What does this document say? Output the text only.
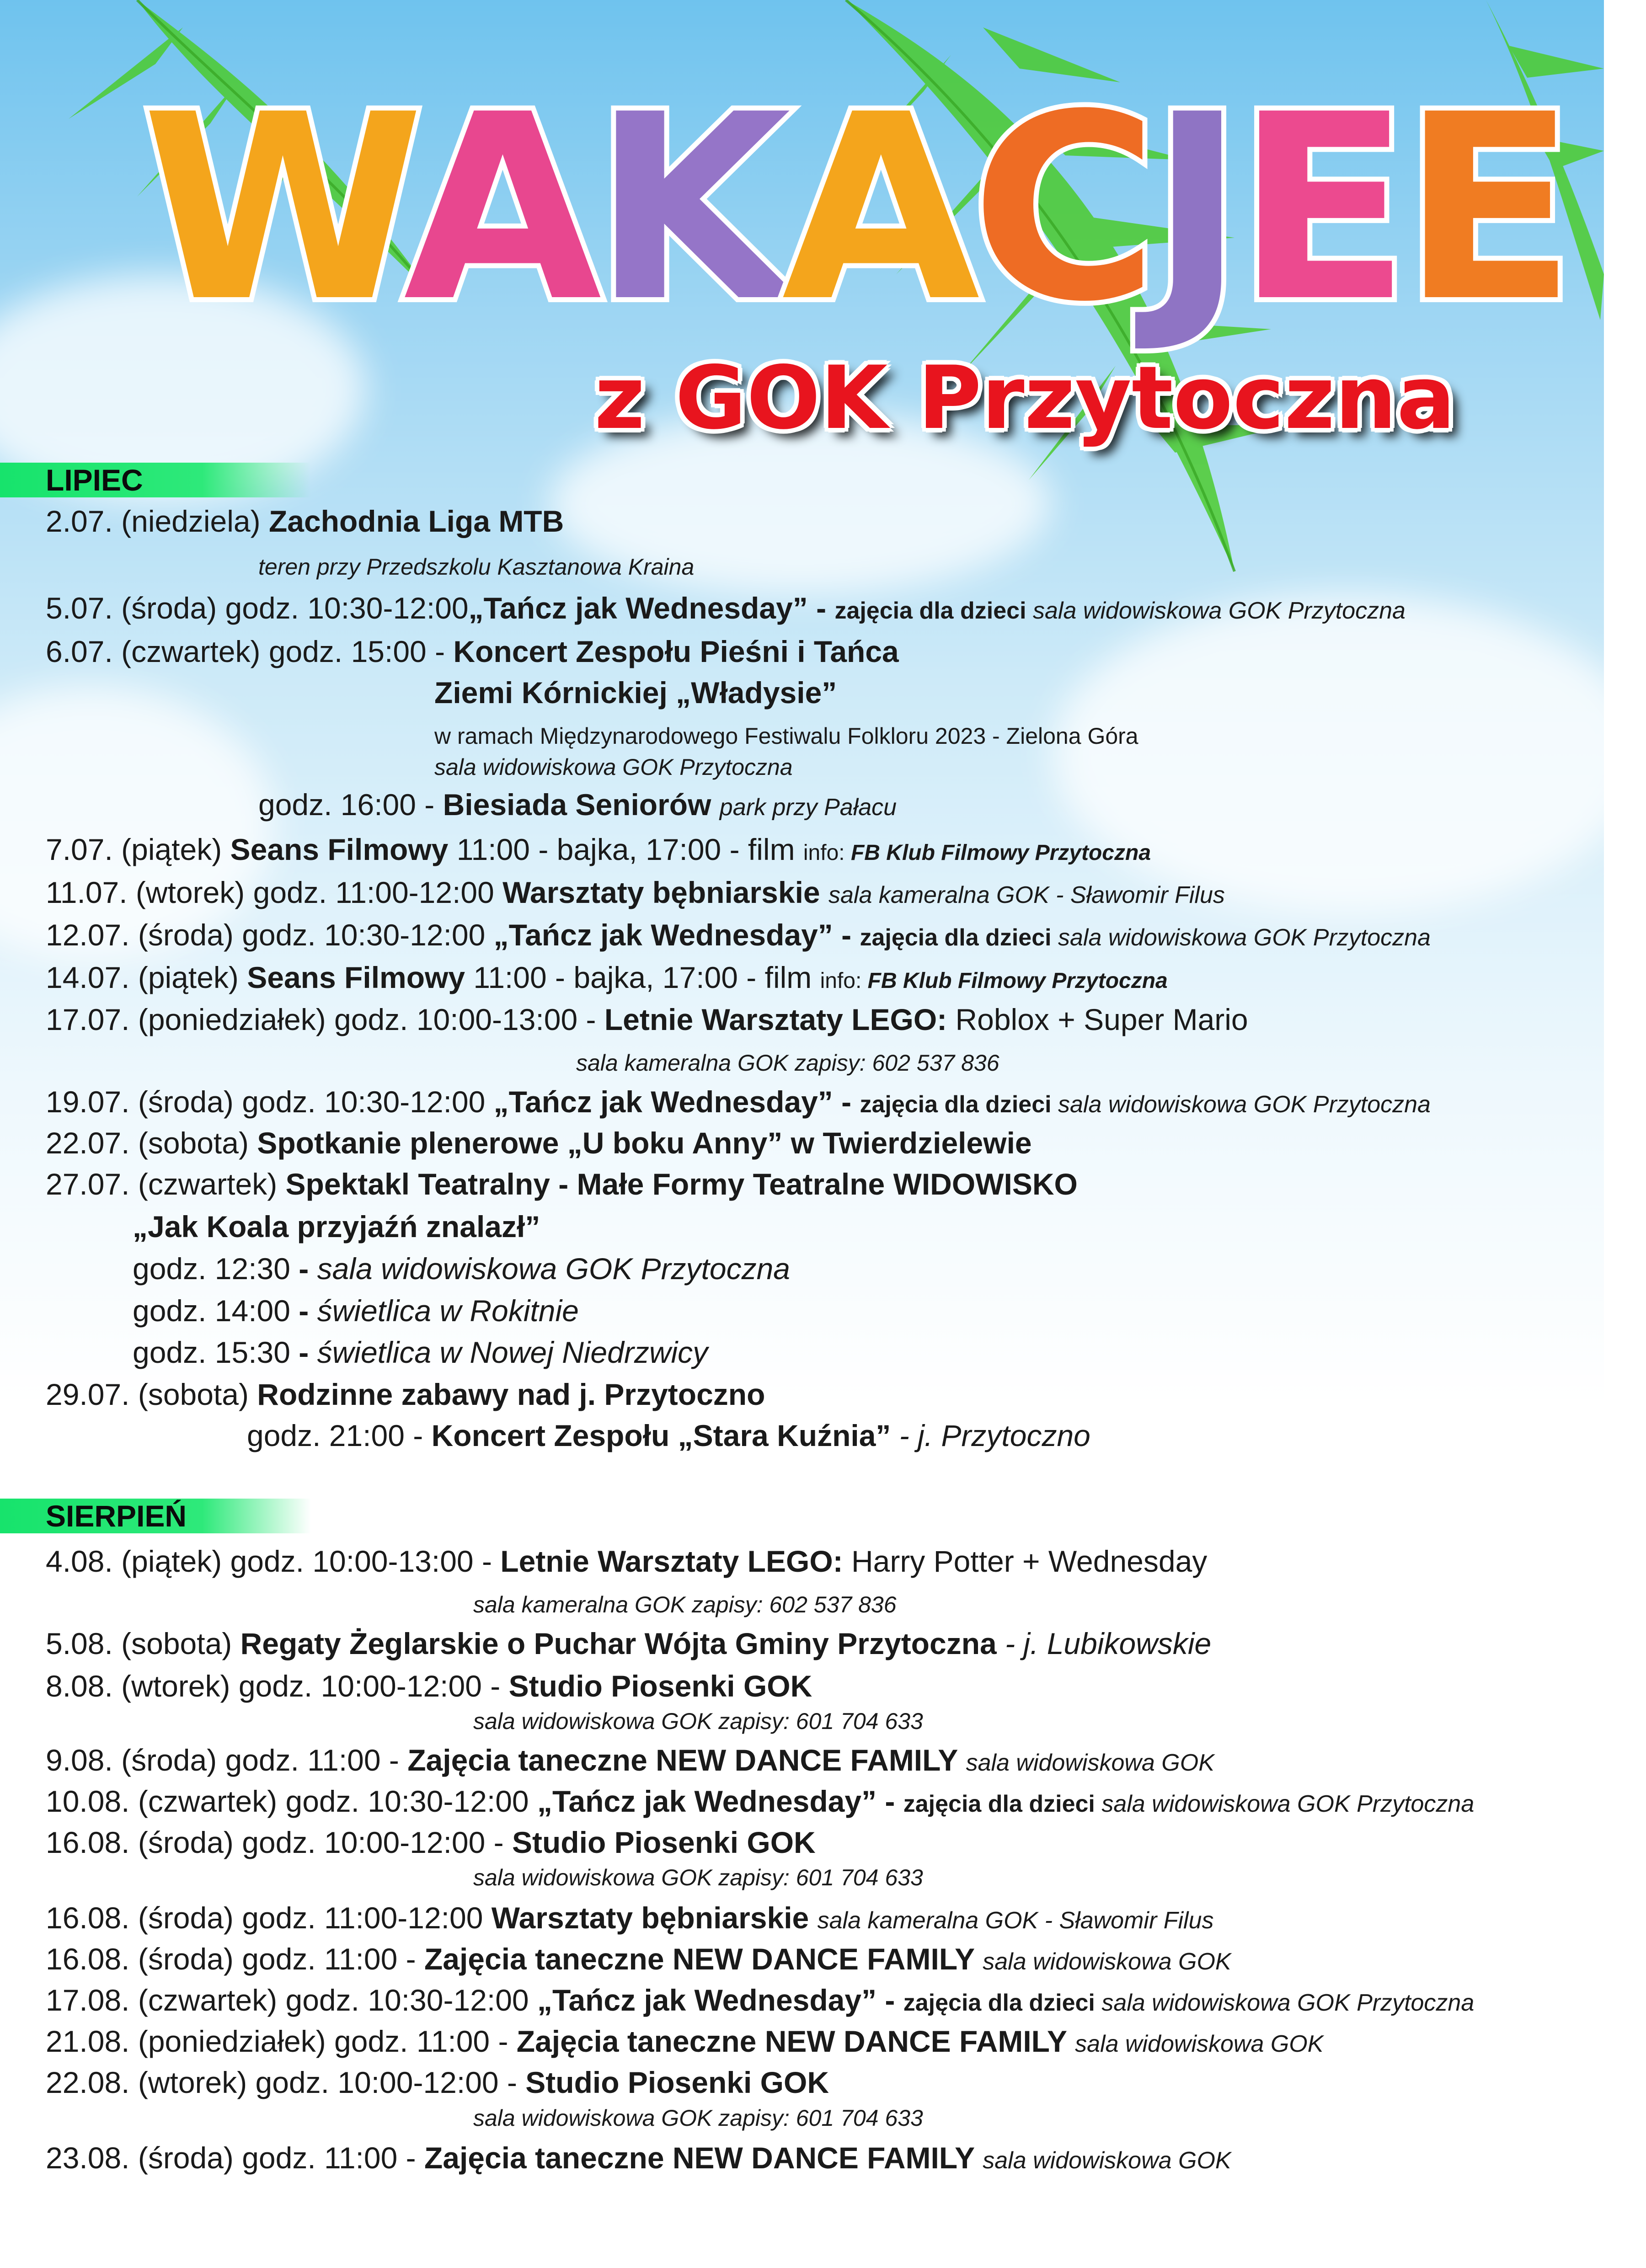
WAKACJEE
z GOK Przytoczna
LIPIEC
SIERPIEŃ
2.07. (niedziela) Zachodnia Liga MTB
teren przy Przedszkolu Kasztanowa Kraina
5.07. (środa) godz. 10:30-12:00„Tańcz jak Wednesday” - zajęcia dla dzieci sala widowiskowa GOK Przytoczna
6.07. (czwartek) godz. 15:00 - Koncert Zespołu Pieśni i Tańca
Ziemi Kórnickiej „Władysie”
w ramach Międzynarodowego Festiwalu Folkloru 2023 - Zielona Góra
sala widowiskowa GOK Przytoczna
godz. 16:00 - Biesiada Seniorów park przy Pałacu
7.07. (piątek) Seans Filmowy 11:00 - bajka, 17:00 - film info: FB Klub Filmowy Przytoczna
11.07. (wtorek) godz. 11:00-12:00 Warsztaty bębniarskie sala kameralna GOK - Sławomir Filus
12.07. (środa) godz. 10:30-12:00 „Tańcz jak Wednesday” - zajęcia dla dzieci sala widowiskowa GOK Przytoczna
14.07. (piątek) Seans Filmowy 11:00 - bajka, 17:00 - film info: FB Klub Filmowy Przytoczna
17.07. (poniedziałek) godz. 10:00-13:00 - Letnie Warsztaty LEGO: Roblox + Super Mario
sala kameralna GOK zapisy: 602 537 836
19.07. (środa) godz. 10:30-12:00 „Tańcz jak Wednesday” - zajęcia dla dzieci sala widowiskowa GOK Przytoczna
22.07. (sobota) Spotkanie plenerowe „U boku Anny” w Twierdzielewie
27.07. (czwartek) Spektakl Teatralny - Małe Formy Teatralne WIDOWISKO
„Jak Koala przyjaźń znalazł”
godz. 12:30 - sala widowiskowa GOK Przytoczna
godz. 14:00 - świetlica w Rokitnie
godz. 15:30 - świetlica w Nowej Niedrzwicy
29.07. (sobota) Rodzinne zabawy nad j. Przytoczno
godz. 21:00 - Koncert Zespołu „Stara Kuźnia” - j. Przytoczno
4.08. (piątek) godz. 10:00-13:00 - Letnie Warsztaty LEGO: Harry Potter + Wednesday
sala kameralna GOK zapisy: 602 537 836
5.08. (sobota) Regaty Żeglarskie o Puchar Wójta Gminy Przytoczna - j. Lubikowskie
8.08. (wtorek) godz. 10:00-12:00 - Studio Piosenki GOK
sala widowiskowa GOK zapisy: 601 704 633
9.08. (środa) godz. 11:00 - Zajęcia taneczne NEW DANCE FAMILY sala widowiskowa GOK
10.08. (czwartek) godz. 10:30-12:00 „Tańcz jak Wednesday” - zajęcia dla dzieci sala widowiskowa GOK Przytoczna
16.08. (środa) godz. 10:00-12:00 - Studio Piosenki GOK
sala widowiskowa GOK zapisy: 601 704 633
16.08. (środa) godz. 11:00-12:00 Warsztaty bębniarskie sala kameralna GOK - Sławomir Filus
16.08. (środa) godz. 11:00 - Zajęcia taneczne NEW DANCE FAMILY sala widowiskowa GOK
17.08. (czwartek) godz. 10:30-12:00 „Tańcz jak Wednesday” - zajęcia dla dzieci sala widowiskowa GOK Przytoczna
21.08. (poniedziałek) godz. 11:00 - Zajęcia taneczne NEW DANCE FAMILY sala widowiskowa GOK
22.08. (wtorek) godz. 10:00-12:00 - Studio Piosenki GOK
sala widowiskowa GOK zapisy: 601 704 633
23.08. (środa) godz. 11:00 - Zajęcia taneczne NEW DANCE FAMILY sala widowiskowa GOK
